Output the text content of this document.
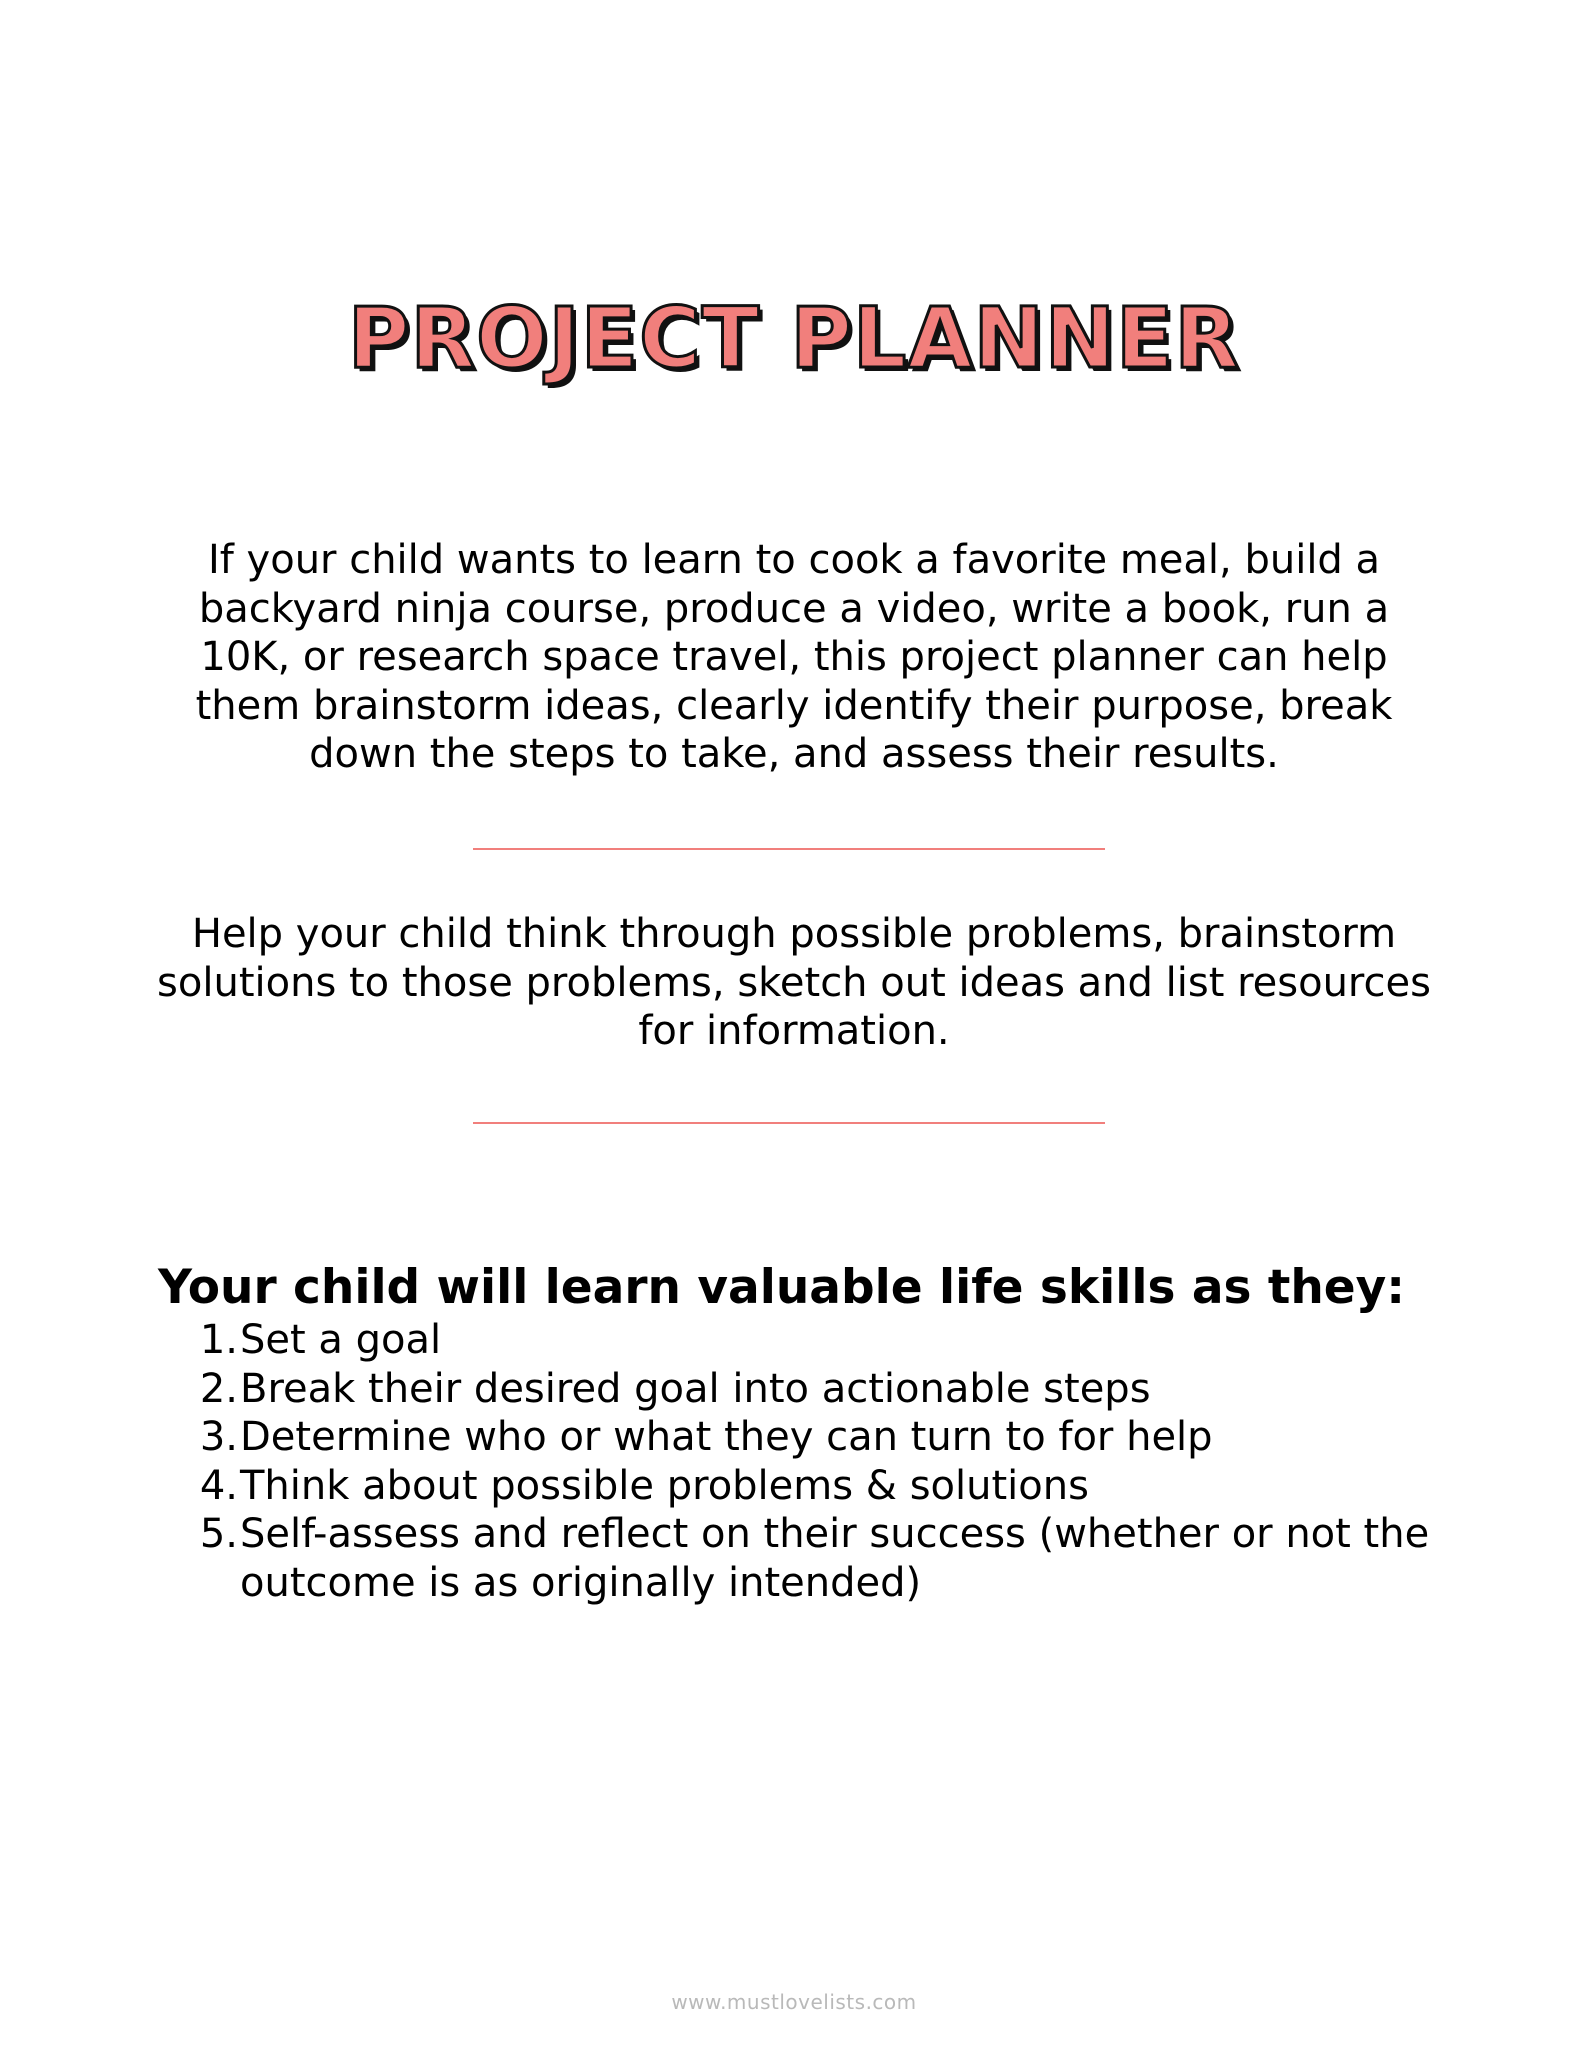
PROJECT PLANNER

If your child wants to learn to cook a favorite meal, build a backyard ninja course, produce a video, write a book, run a 10K, or research space travel, this project planner can help them brainstorm ideas, clearly identify their purpose, break down the steps to take, and assess their results.

Help your child think through possible problems, brainstorm solutions to those problems, sketch out ideas and list resources for information.

Your child will learn valuable life skills as they:
1. Set a goal
2. Break their desired goal into actionable steps
3. Determine who or what they can turn to for help
4. Think about possible problems & solutions
5. Self-assess and reflect on their success (whether or not the outcome is as originally intended)
www.mustlovelists.com
